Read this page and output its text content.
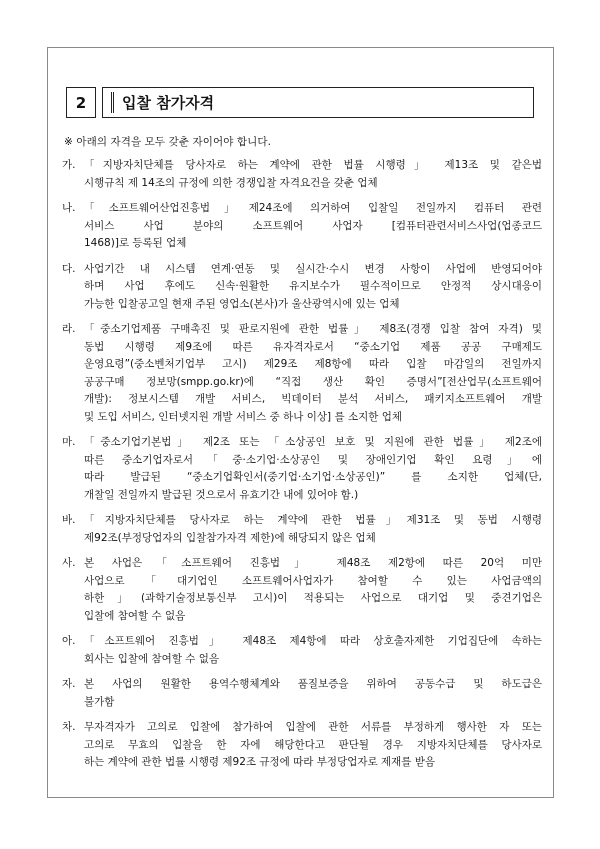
2	입찰 참가자격
※ 아래의 자격을 모두 갖춘 자이어야 합니다.
가. 「지방자치단체를 당사자로 하는 계약에 관한 법률 시행령」 제13조 및 같은법
시행규칙 제 14조의 규정에 의한 경쟁입찰 자격요건을 갖춘 업체
나. 「소프트웨어산업진흥법」제24조에 의거하여 입찰일 전일까지 컴퓨터 관련
서비스 사업 분야의 소프트웨어 사업자 [컴퓨터관련서비스사업(업종코드
1468)]로 등록된 업체
다. 사업기간 내 시스템 연계·연동 및 실시간·수시 변경 사항이 사업에 반영되어야
하며 사업 후에도 신속·원활한 유지보수가 필수적이므로 안정적 상시대응이
가능한 입찰공고일 현재 주된 영업소(본사)가 울산광역시에 있는 업체
라. 「중소기업제품 구매촉진 및 판로지원에 관한 법률」 제8조(경쟁 입찰 참여 자격) 및
동법 시행령 제9조에 따른 유자격자로서 “중소기업 제품 공공 구매제도
운영요령”(중소벤처기업부 고시) 제29조 제8항에 따라 입찰 마감일의 전일까지
공공구매 정보망(smpp.go.kr)에 “직접 생산 확인 증명서”[전산업무(소프트웨어
개발): 정보시스템 개발 서비스, 빅데이터 분석 서비스, 패키지소프트웨어 개발
및 도입 서비스, 인터넷지원 개발 서비스 중 하나 이상] 를 소지한 업체
마. 「중소기업기본법」 제2조 또는 「소상공인 보호 및 지원에 관한 법률」 제2조에
따른 중소기업자로서「중·소기업·소상공인 및 장애인기업 확인 요령」에
따라 발급된 “중소기업확인서(중기업·소기업·소상공인)” 를 소지한 업체(단,
개찰일 전일까지 발급된 것으로서 유효기간 내에 있어야 함.)
바. 「지방자치단체를 당사자로 하는 계약에 관한 법률」제31조 및 동법 시행령
제92조(부정당업자의 입찰참가자격 제한)에 해당되지 않은 업체
사. 본 사업은「소프트웨어 진흥법」 제48조 제2항에 따른 20억 미만
사업으로「대기업인 소프트웨어사업자가 참여할 수 있는 사업금액의
하한」(과학기술정보통신부 고시)이 적용되는 사업으로 대기업 및 중견기업은
입찰에 참여할 수 없음
아. 「소프트웨어 진흥법」 제48조 제4항에 따라 상호출자제한 기업집단에 속하는
회사는 입찰에 참여할 수 없음
자. 본 사업의 원활한 용역수행체계와 품질보증을 위하여 공동수급 및 하도급은
불가함
차. 무자격자가 고의로 입찰에 참가하여 입찰에 관한 서류를 부정하게 행사한 자 또는
고의로 무효의 입찰을 한 자에 해당한다고 판단될 경우 지방자치단체를 당사자로
하는 계약에 관한 법률 시행령 제92조 규정에 따라 부정당업자로 제재를 받음
